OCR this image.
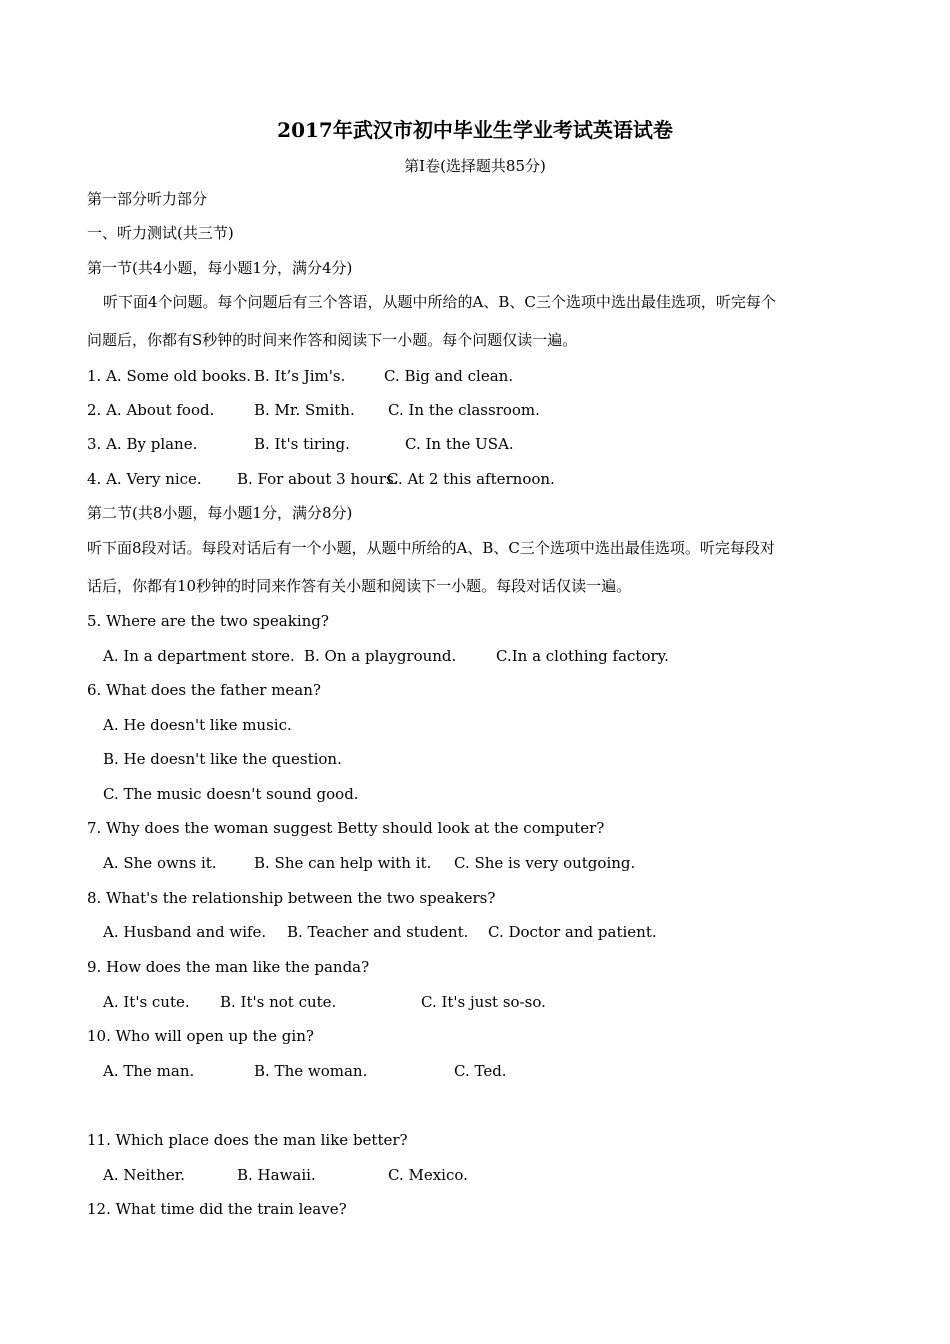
2017年武汉市初中毕业生学业考试英语试卷
第I卷(选择题共85分)
第一部分听力部分
一、听力测试(共三节)
第一节(共4小题，每小题1分，满分4分)
听下面4个问题。每个问题后有三个答语，从题中所给的A、B、C三个选项中选出最佳选项，听完每个
问题后，你都有S秒钟的时间来作答和阅读下一小题。每个问题仅读一遍。
1. A. Some old books. B. It’s Jim's.	C. Big and clean.
2. A. About food.	B. Mr. Smith. C. In the classroom.
3. A. By plane.	B. It's tiring.	C. In the USA.
4. A. Very nice. B. For about 3 hours.
C. At 2 this afternoon.
第二节(共8小题，每小题1分，满分8分)
听下面8段对话。每段对话后有一个小题，从题中所给的A、B、C三个选项中选出最佳选项。听完每段对
话后，你都有10秒钟的时同来作答有关小题和阅读下一小题。每段对话仅读一遍。
5. Where are the two speaking?
A. In a department store. B. On a playground.	C.In a clothing factory.
6. What does the father mean?
A. He doesn't like music.
B. He doesn't like the question.
C. The music doesn't sound good.
7. Why does the woman suggest Betty should look at the computer?
A. She owns it. B. She can help with it. C. She is very outgoing.
8. What's the relationship between the two speakers?
A. Husband and wife. B. Teacher and student. C. Doctor and patient.
9. How does the man like the panda?
A. It's cute. B. It's not cute.	C. It's just so-so.
10. Who will open up the gin?
A. The man.	B. The woman.	C. Ted.
11. Which place does the man like better?
A. Neither.	B. Hawaii.	C. Mexico.
12. What time did the train leave?
